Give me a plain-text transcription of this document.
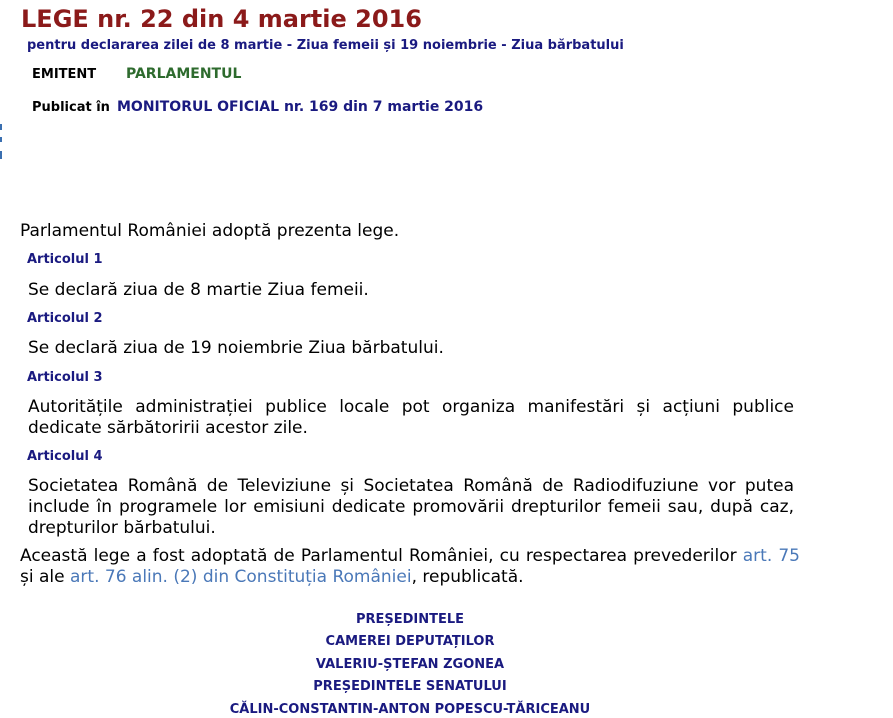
LEGE nr. 22 din 4 martie 2016
pentru declararea zilei de 8 martie - Ziua femeii și 19 noiembrie - Ziua bărbatului
EMITENT PARLAMENTUL
Publicat în MONITORUL OFICIAL nr. 169 din 7 martie 2016
Parlamentul României adoptă prezenta lege.
Articolul 1
Se declară ziua de 8 martie Ziua femeii.
Articolul 2
Se declară ziua de 19 noiembrie Ziua bărbatului.
Articolul 3
Autoritățile administrației publice locale pot organiza manifestări și acțiuni publice dedicate sărbătoririi acestor zile.
Articolul 4
Societatea Română de Televiziune și Societatea Română de Radiodifuziune vor putea include în programele lor emisiuni dedicate promovării drepturilor femeii sau, după caz, drepturilor bărbatului.
Această lege a fost adoptată de Parlamentul României, cu respectarea prevederilor art. 75 și ale art. 76 alin. (2) din Constituția României, republicată.
PREȘEDINTELE
CAMEREI DEPUTAȚILOR
VALERIU-ȘTEFAN ZGONEA
PREȘEDINTELE SENATULUI
CĂLIN-CONSTANTIN-ANTON POPESCU-TĂRICEANU
